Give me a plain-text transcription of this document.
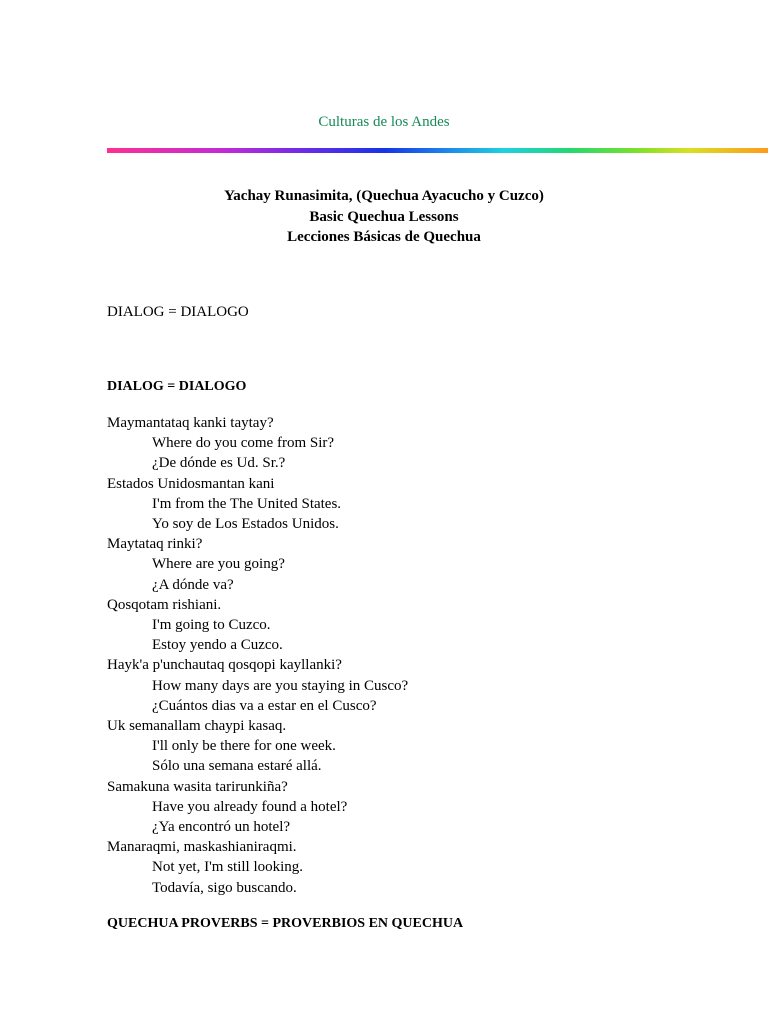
Culturas de los Andes
Yachay Runasimita, (Quechua Ayacucho y Cuzco)
Basic Quechua Lessons
Lecciones Básicas de Quechua
DIALOG = DIALOGO
DIALOG = DIALOGO
Maymantataq kanki taytay?
Where do you come from Sir?
¿De dónde es Ud. Sr.?
Estados Unidosmantan kani
I'm from the The United States.
Yo soy de Los Estados Unidos.
Maytataq rinki?
Where are you going?
¿A dónde va?
Qosqotam rishiani.
I'm going to Cuzco.
Estoy yendo a Cuzco.
Hayk'a p'unchautaq qosqopi kayllanki?
How many days are you staying in Cusco?
¿Cuántos dias va a estar en el Cusco?
Uk semanallam chaypi kasaq.
I'll only be there for one week.
Sólo una semana estaré allá.
Samakuna wasita tarirunkiña?
Have you already found a hotel?
¿Ya encontró un hotel?
Manaraqmi, maskashianiraqmi.
Not yet, I'm still looking.
Todavía, sigo buscando.
QUECHUA PROVERBS = PROVERBIOS EN QUECHUA
